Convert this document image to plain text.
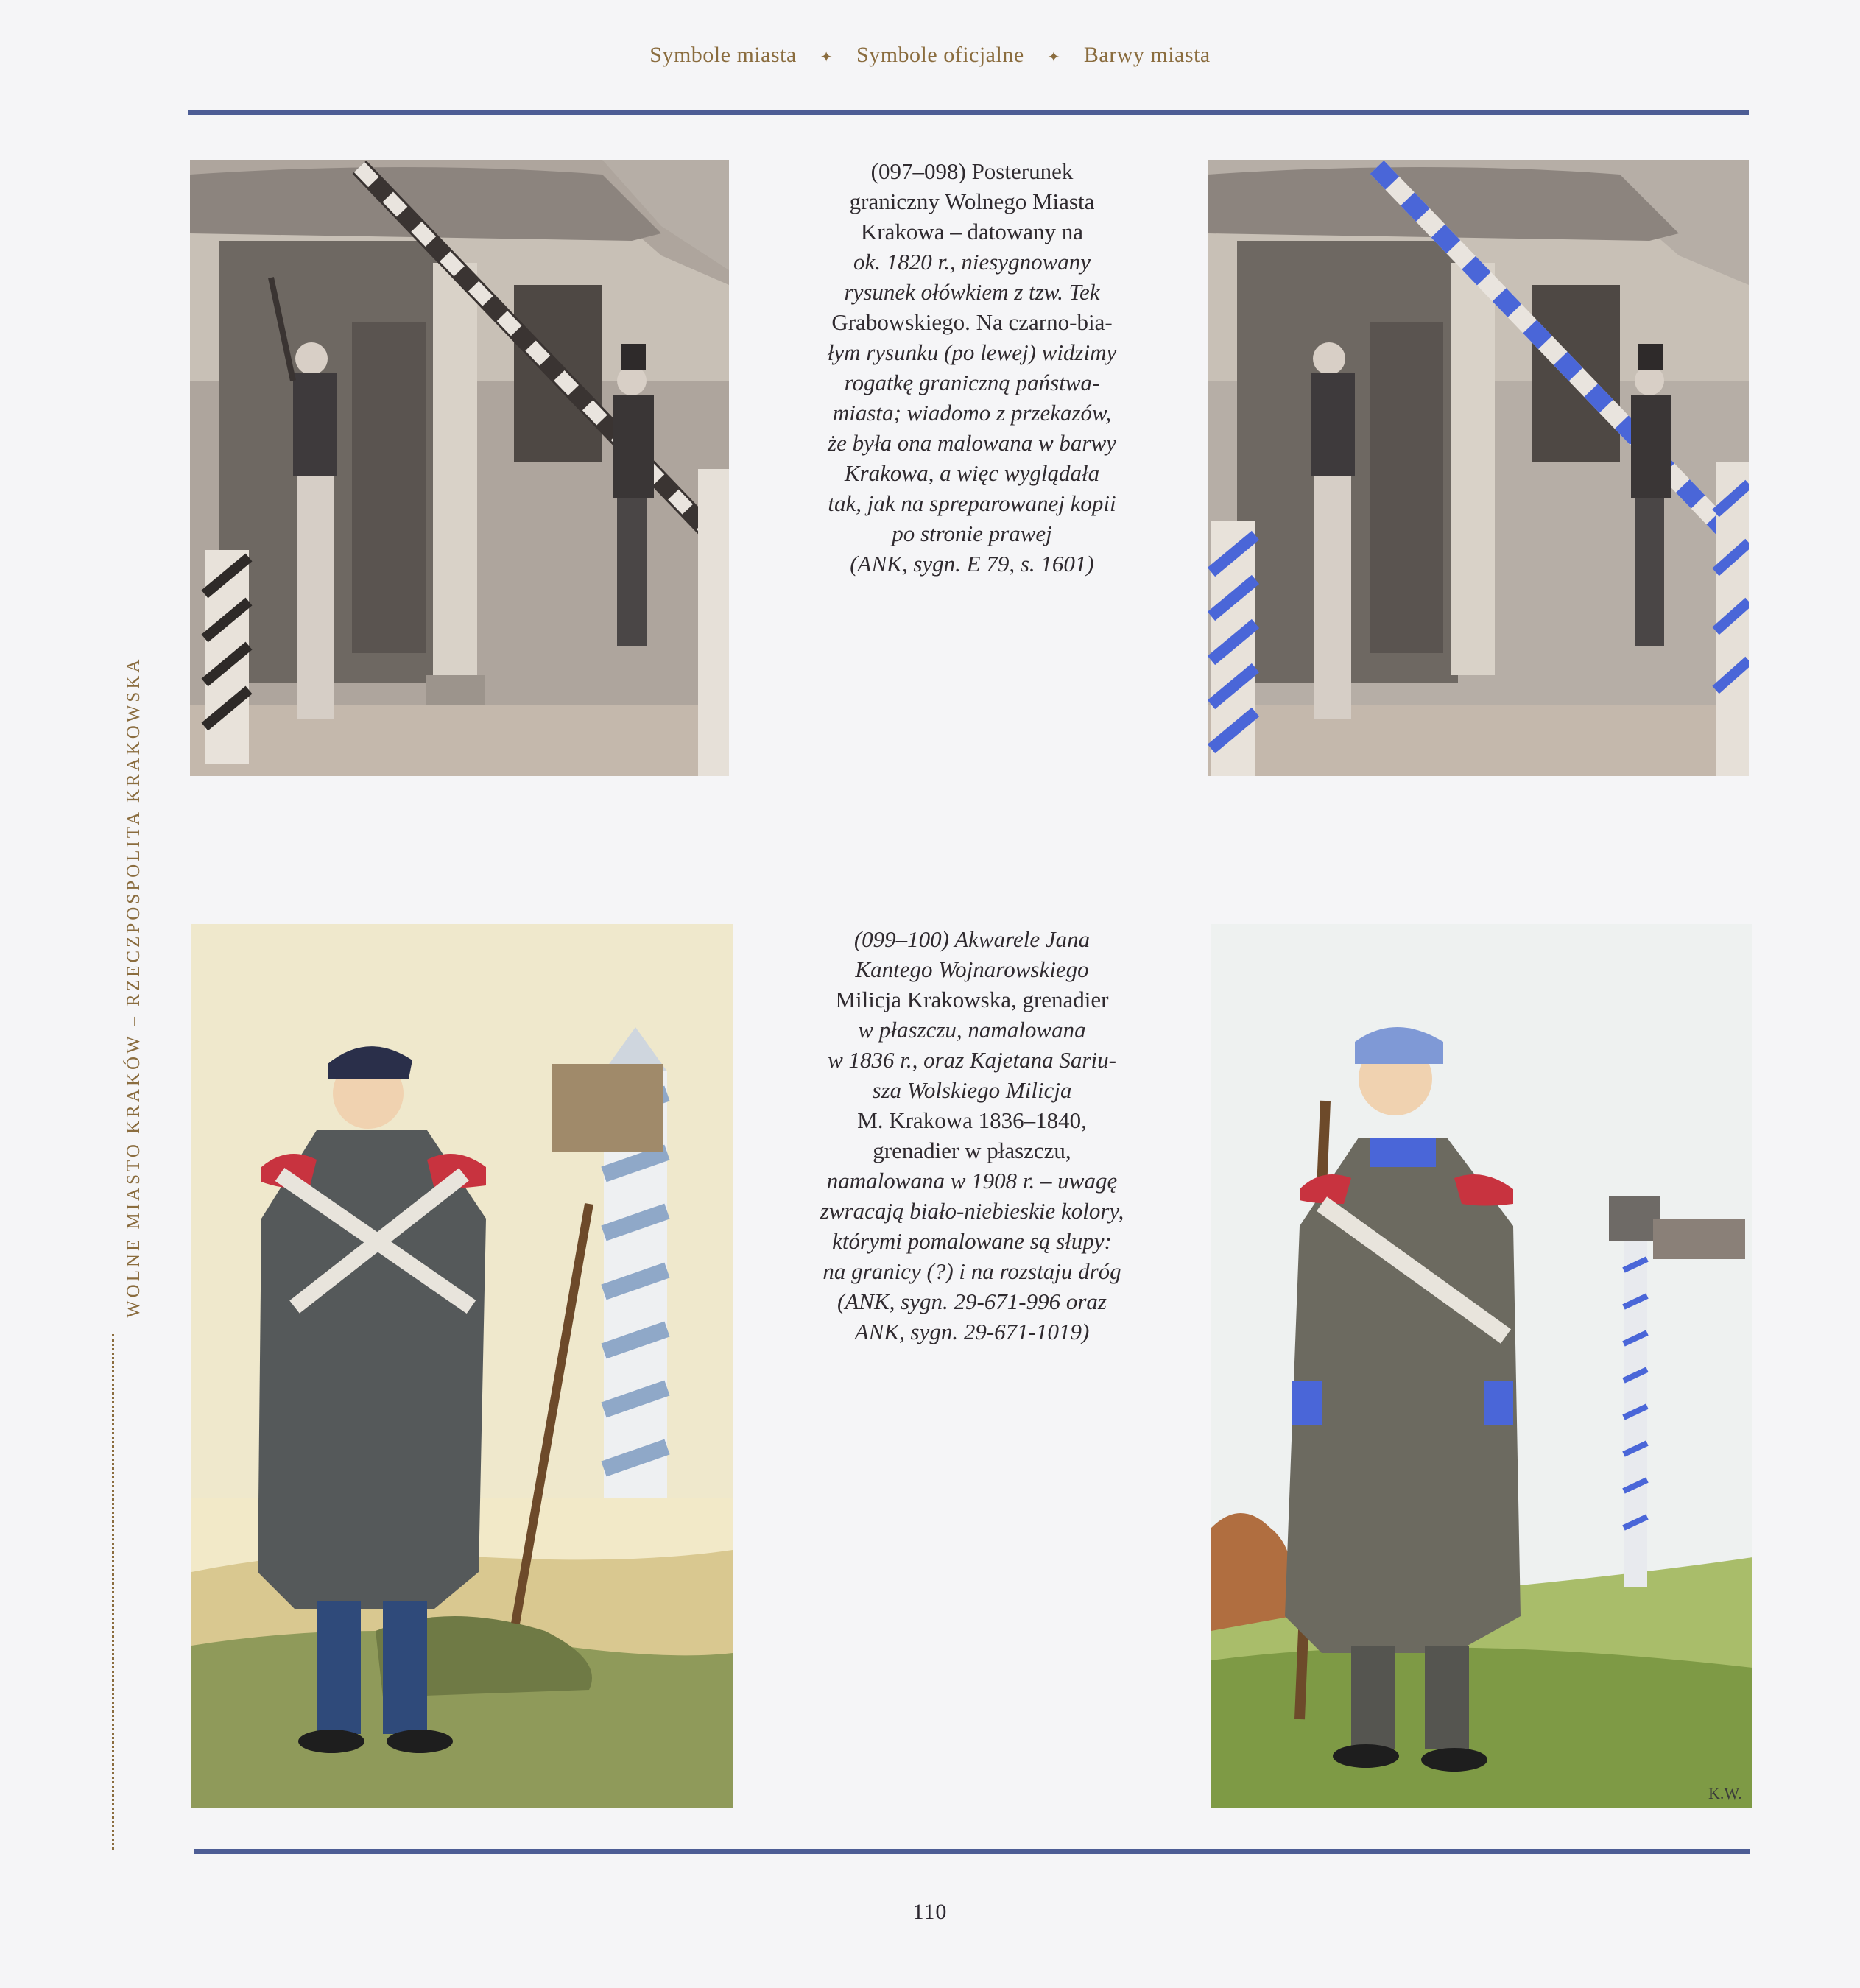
Symbole miasta ✦ Symbole oficjalne ✦ Barwy miasta
WOLNE MIASTO KRAKÓW – RZECZPOSPOLITA KRAKOWSKA
(097–098) Posterunek
graniczny Wolnego Miasta
Krakowa – datowany na
ok. 1820 r., niesygnowany
rysunek ołówkiem z tzw. Tek
Grabowskiego. Na czarno-bia-
łym rysunku (po lewej) widzimy
rogatkę graniczną państwa-
miasta; wiadomo z przekazów,
że była ona malowana w barwy
Krakowa, a więc wyglądała
tak, jak na spreparowanej kopii
po stronie prawej
(ANK, sygn. E 79, s. 1601)
(099–100) Akwarele Jana
Kantego Wojnarowskiego
Milicja Krakowska, grenadier
w płaszczu, namalowana
w 1836 r., oraz Kajetana Sariu-
sza Wolskiego Milicja
M. Krakowa 1836–1840,
grenadier w płaszczu,
namalowana w 1908 r. – uwagę
zwracają biało-niebieskie kolory,
którymi pomalowane są słupy:
na granicy (?) i na rozstaju dróg
(ANK, sygn. 29-671-996 oraz
ANK, sygn. 29-671-1019)
K.W.
110
